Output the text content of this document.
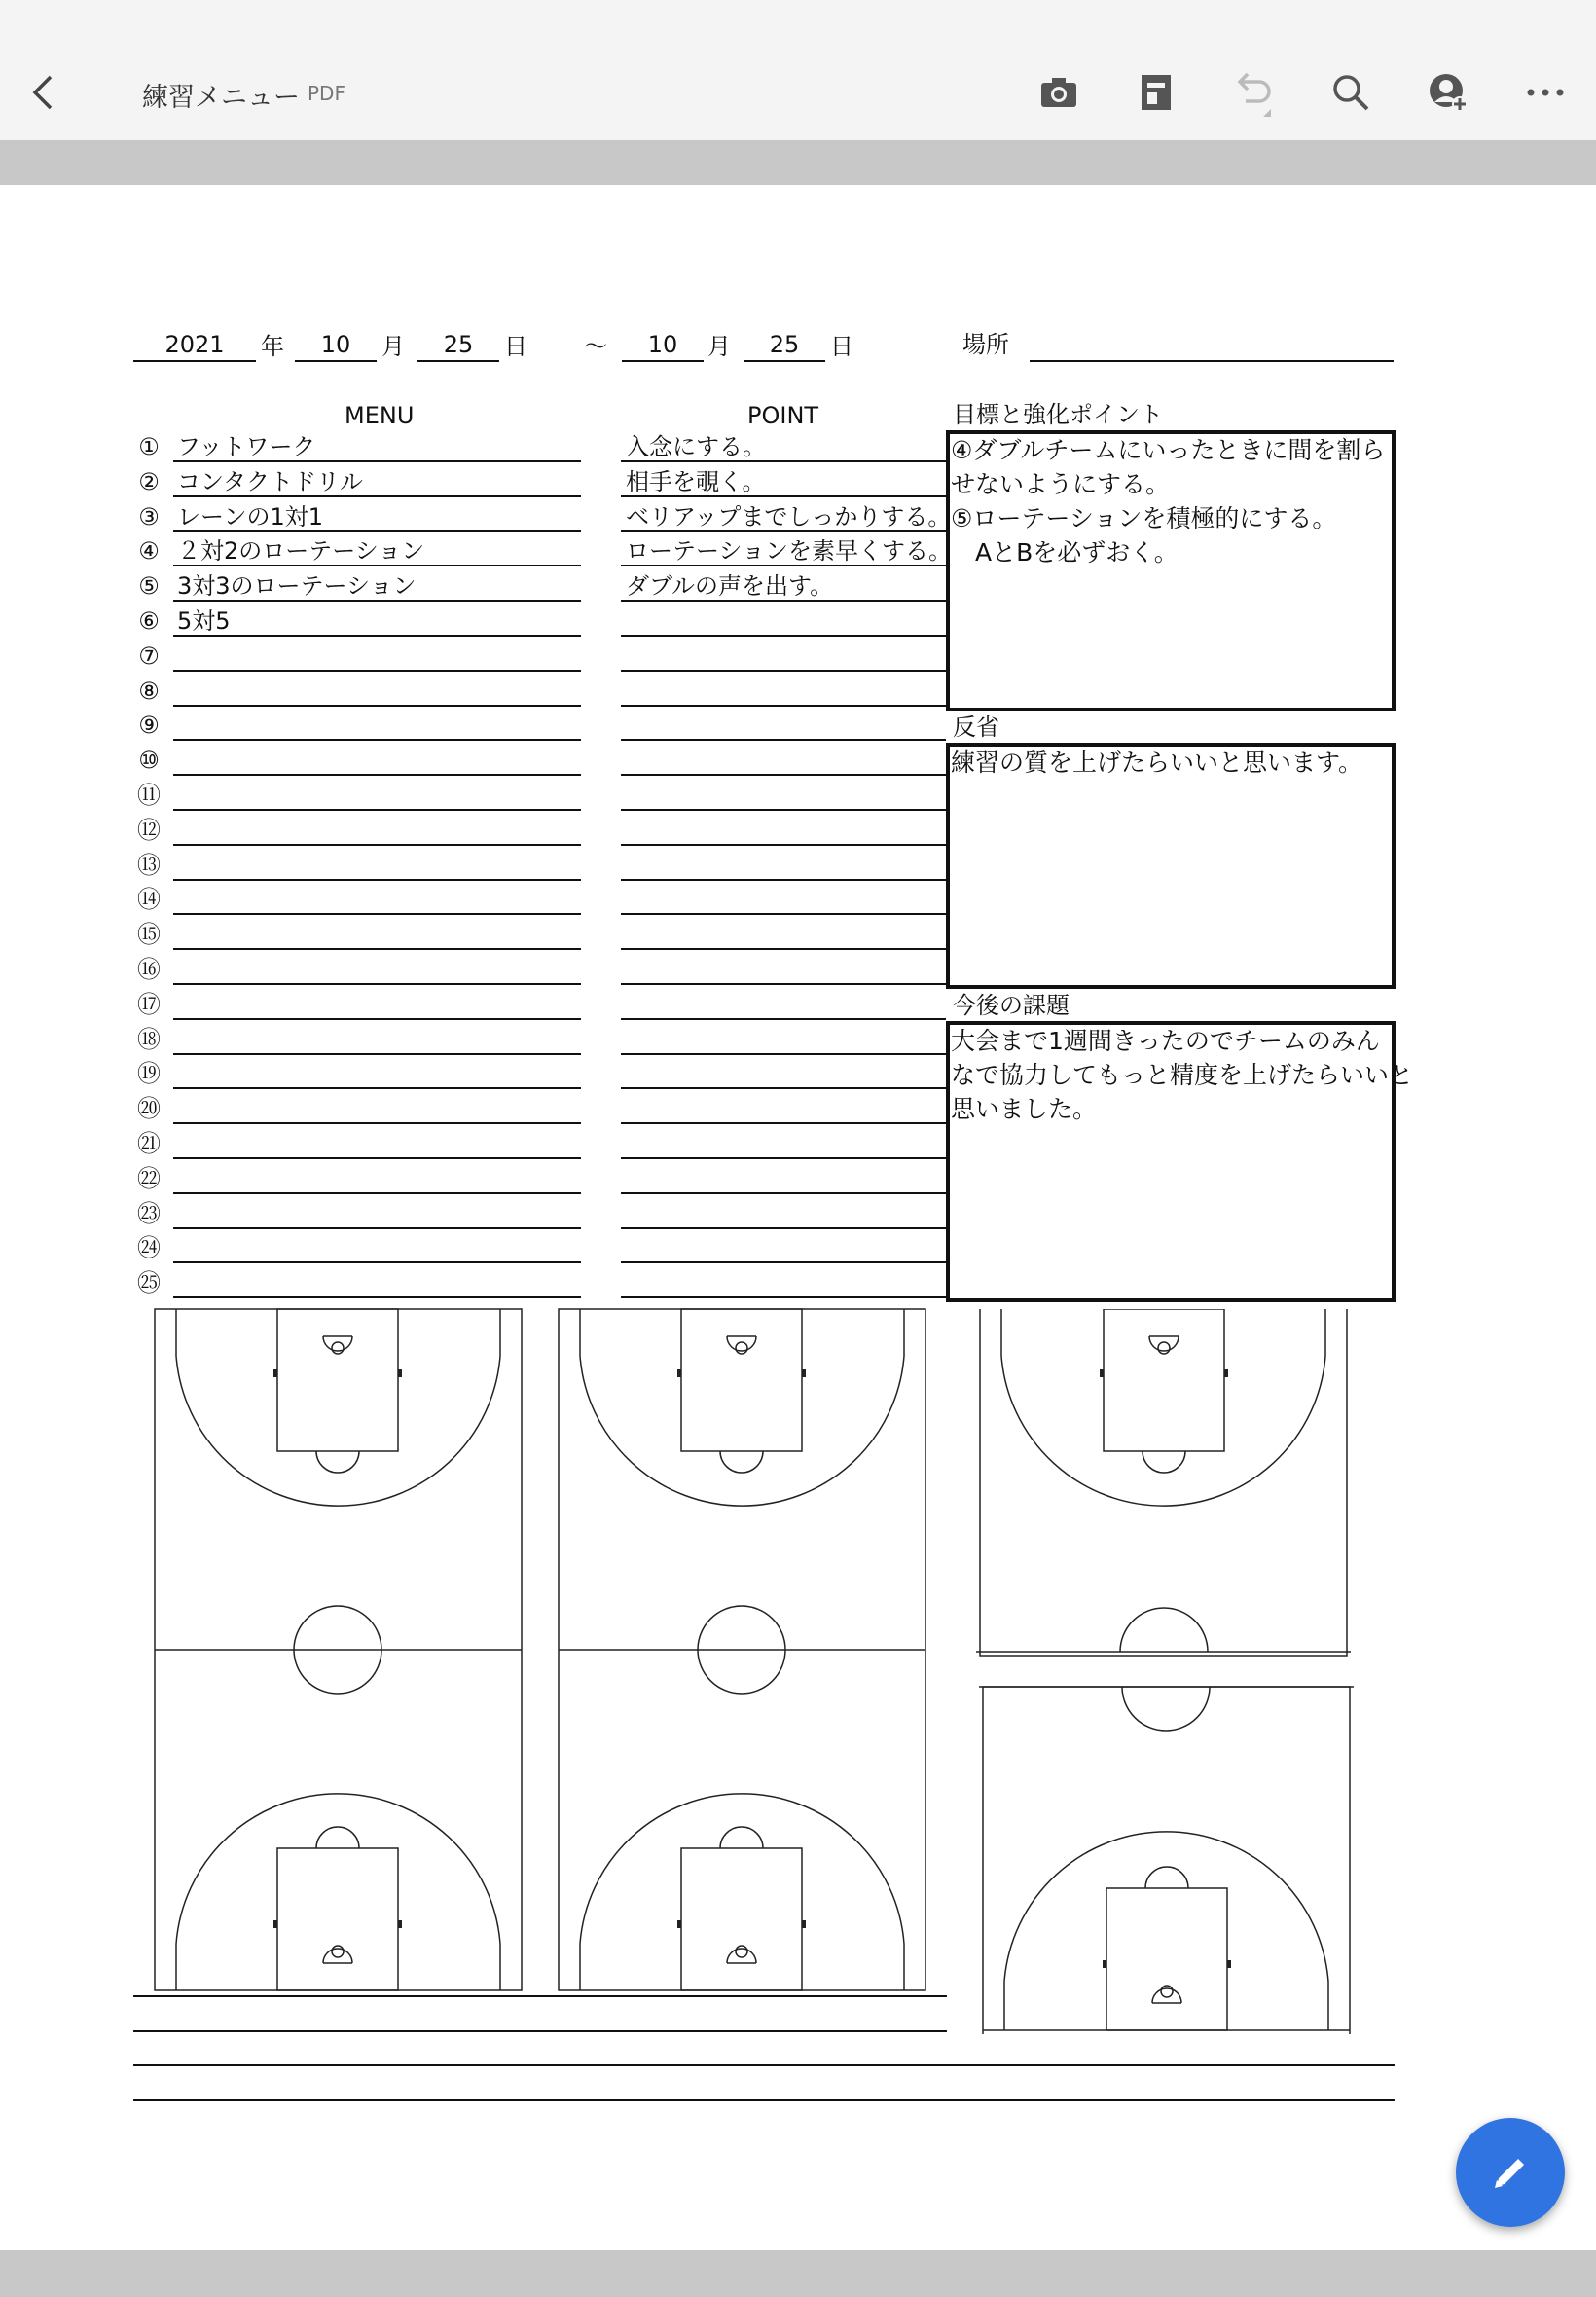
練習メニュー PDF
2021	年	10	月	25	日 ～	10	月	25	日	場所
MENU	POINT
① フットワーク	入念にする。
② コンタクトドリル	相手を覗く。
③ レーンの1対1	ベリアップまでしっかりする。
④ ２対2のローテーション	ローテーションを素早くする。
⑤ 3対3のローテーション	ダブルの声を出す。
⑥ 5対5
⑦
⑧
⑨
⑩
⑪
⑫
⑬
⑭
⑮
⑯
⑰
⑱
⑲
⑳
㉑
㉒
㉓
㉔
㉕
目標と強化ポイント
④ダブルチームにいったときに間を割ら
せないようにする。
⑤ローテーションを積極的にする。
　AとBを必ずおく。
反省
練習の質を上げたらいいと思います。
今後の課題
大会まで1週間きったのでチームのみん
なで協力してもっと精度を上げたらいいと
思いました。
